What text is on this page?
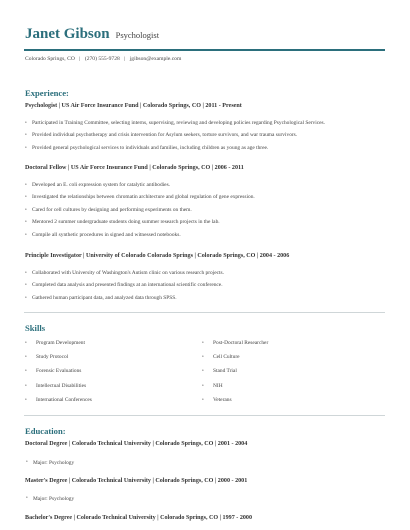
Janet Gibson Psychologist
Colorado Springs, CO | (270) 555-9728 | jgibson@example.com
Experience:
Psychologist | US Air Force Insurance Fund | Colorado Springs, CO | 2011 - Present
• Participated in Training Committee, selecting interns, supervising, reviewing and developing policies regarding Psychological Services.
• Provided individual psychotherapy and crisis intervention for Asylum seekers, torture survivors, and war trauma survivors.
• Provided general psychological services to individuals and families, including children as young as age three.
Doctoral Fellow | US Air Force Insurance Fund | Colorado Springs, CO | 2006 - 2011
• Developed an E. coli expression system for catalytic antibodies.
• Investigated the relationships between chromatin architecture and global regulation of gene expression.
• Cared for cell cultures by designing and performing experiments on them.
• Mentored 2 summer undergraduate students doing summer research projects in the lab.
• Compile all synthetic procedures in signed and witnessed notebooks.
Principle Investigator | University of Colorado Colorado Springs | Colorado Springs, CO | 2004 - 2006
• Collaborated with University of Washington's Autism clinic on various research projects.
• Completed data analysis and presented findings at an international scientific conference.
• Gathered human participant data, and analyzed data through SPSS.
Skills
• Program Development
• Study Protocol
• Forensic Evaluations
• Intellectual Disabilities
• International Conferences
• Post-Doctoral Researcher
• Cell Culture
• Stand Trial
• NIH
• Veterans
Education:
Doctoral Degree | Colorado Technical University | Colorado Springs, CO | 2001 - 2004
• Major: Psychology
Master's Degree | Colorado Technical University | Colorado Springs, CO | 2000 - 2001
• Major: Psychology
Bachelor's Degree | Colorado Technical University | Colorado Springs, CO | 1997 - 2000
